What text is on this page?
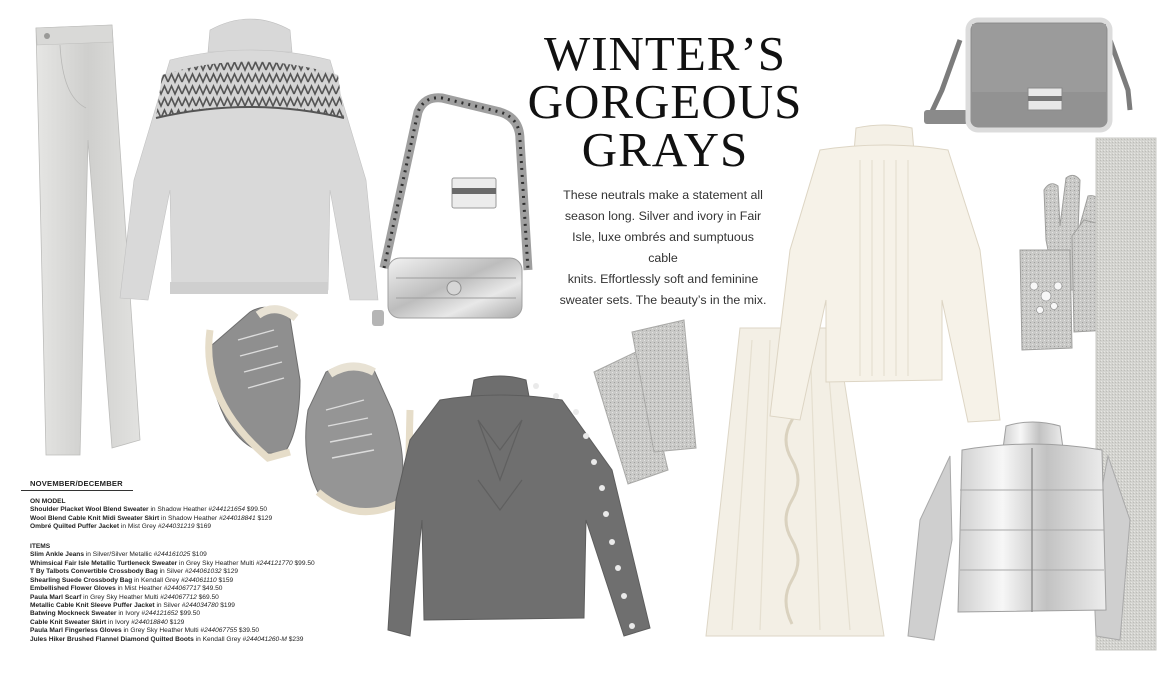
WINTER’S
GORGEOUS
GRAYS
These neutrals make a statement all
season long. Silver and ivory in Fair
Isle, luxe ombrés and sumptuous cable
knits. Effortlessly soft and feminine
sweater sets. The beauty’s in the mix.
NOVEMBER/DECEMBER
ON MODEL
Shoulder Placket Wool Blend Sweater in Shadow Heather #244121654 $99.50
Wool Blend Cable Knit Midi Sweater Skirt in Shadow Heather #244018841 $129
Ombré Quilted Puffer Jacket in Mist Grey #244031219 $169
ITEMS
Slim Ankle Jeans in Silver/Silver Metallic #244161025 $109
Whimsical Fair Isle Metallic Turtleneck Sweater in Grey Sky Heather Multi #244121770 $99.50
T By Talbots Convertible Crossbody Bag in Silver #244061032 $129
Shearling Suede Crossbody Bag in Kendall Grey #244061110 $159
Embellished Flower Gloves in Mist Heather #244067717 $49.50
Paula Marl Scarf in Grey Sky Heather Multi #244067712 $69.50
Metallic Cable Knit Sleeve Puffer Jacket in Silver #244034780 $199
Batwing Mockneck Sweater in Ivory #244121652 $99.50
Cable Knit Sweater Skirt in Ivory #244018840 $129
Paula Marl Fingerless Gloves in Grey Sky Heather Multi #244067755 $39.50
Jules Hiker Brushed Flannel Diamond Quilted Boots in Kendall Grey #244041260-M $239
